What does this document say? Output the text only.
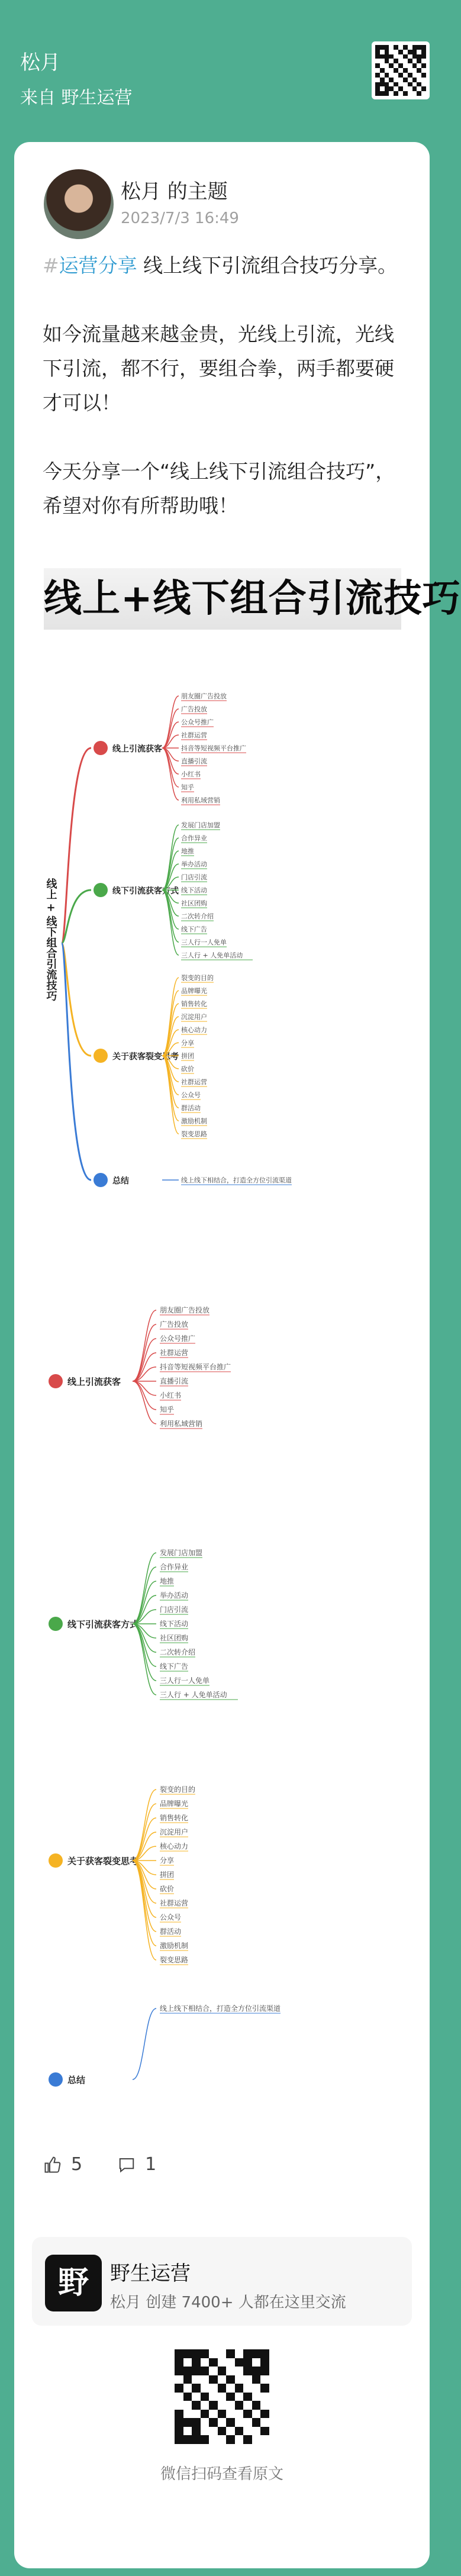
松月
来自 野生运营
松月 的主题
2023/7/3 16:49

#运营分享 线上线下引流组合技巧分享。

如今流量越来越金贵，光线上引流，光线下引流，都不行，要组合拳，两手都要硬才可以！

今天分享一个“线上线下引流组合技巧”，希望对你有所帮助哦！

线上+线下组合引流技巧
线上 + 线下组合引流技巧
线上引流获客
朋友圈广告投放
广告投放
公众号推广
社群运营
抖音等短视频平台推广
直播引流
小红书
知乎
利用私域营销
线下引流获客方式
发展门店加盟
合作异业
地推
举办活动
门店引流
线下活动
社区团购
二次转介绍
线下广告
三人行一人免单
三人行 + 人免单活动
关于获客裂变思考
裂变的目的
品牌曝光
销售转化
沉淀用户
核心动力
分享
拼团
砍价
社群运营
公众号
群活动
激励机制
裂变思路
总结	线上线下相结合，打造全方位引流渠道
线上引流获客
朋友圈广告投放
广告投放
公众号推广
社群运营
抖音等短视频平台推广
直播引流
小红书
知乎
利用私域营销
线下引流获客方式
发展门店加盟
合作异业
地推
举办活动
门店引流
线下活动
社区团购
二次转介绍
线下广告
三人行一人免单
三人行 + 人免单活动
关于获客裂变思考
裂变的目的
品牌曝光
销售转化
沉淀用户
核心动力
分享
拼团
砍价
社群运营
公众号
群活动
激励机制
裂变思路
总结
线上线下相结合，打造全方位引流渠道
5	1
野	野生运营
松月 创建 7400+ 人都在这里交流
微信扫码查看原文
